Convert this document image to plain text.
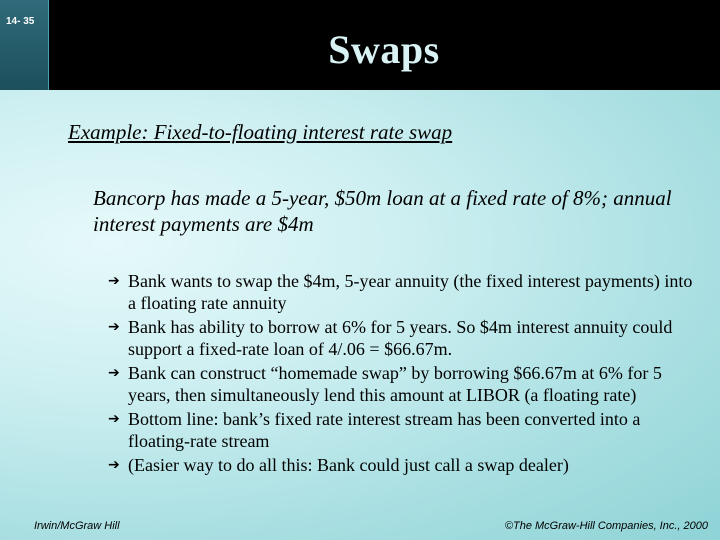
14- 35
Swaps
Example: Fixed-to-floating interest rate swap
Bancorp has made a 5-year, $50m loan at a fixed rate of 8%; annual interest payments are $4m
➔ Bank wants to swap the $4m, 5-year annuity (the fixed interest payments) into a floating rate annuity
➔ Bank has ability to borrow at 6% for 5 years. So $4m interest annuity could support a fixed-rate loan of 4/.06 = $66.67m.
➔ Bank can construct “homemade swap” by borrowing $66.67m at 6% for 5 years, then simultaneously lend this amount at LIBOR (a floating rate)
➔ Bottom line: bank’s fixed rate interest stream has been converted into a floating-rate stream
➔ (Easier way to do all this: Bank could just call a swap dealer)
Irwin/McGraw Hill	©The McGraw-Hill Companies, Inc., 2000
